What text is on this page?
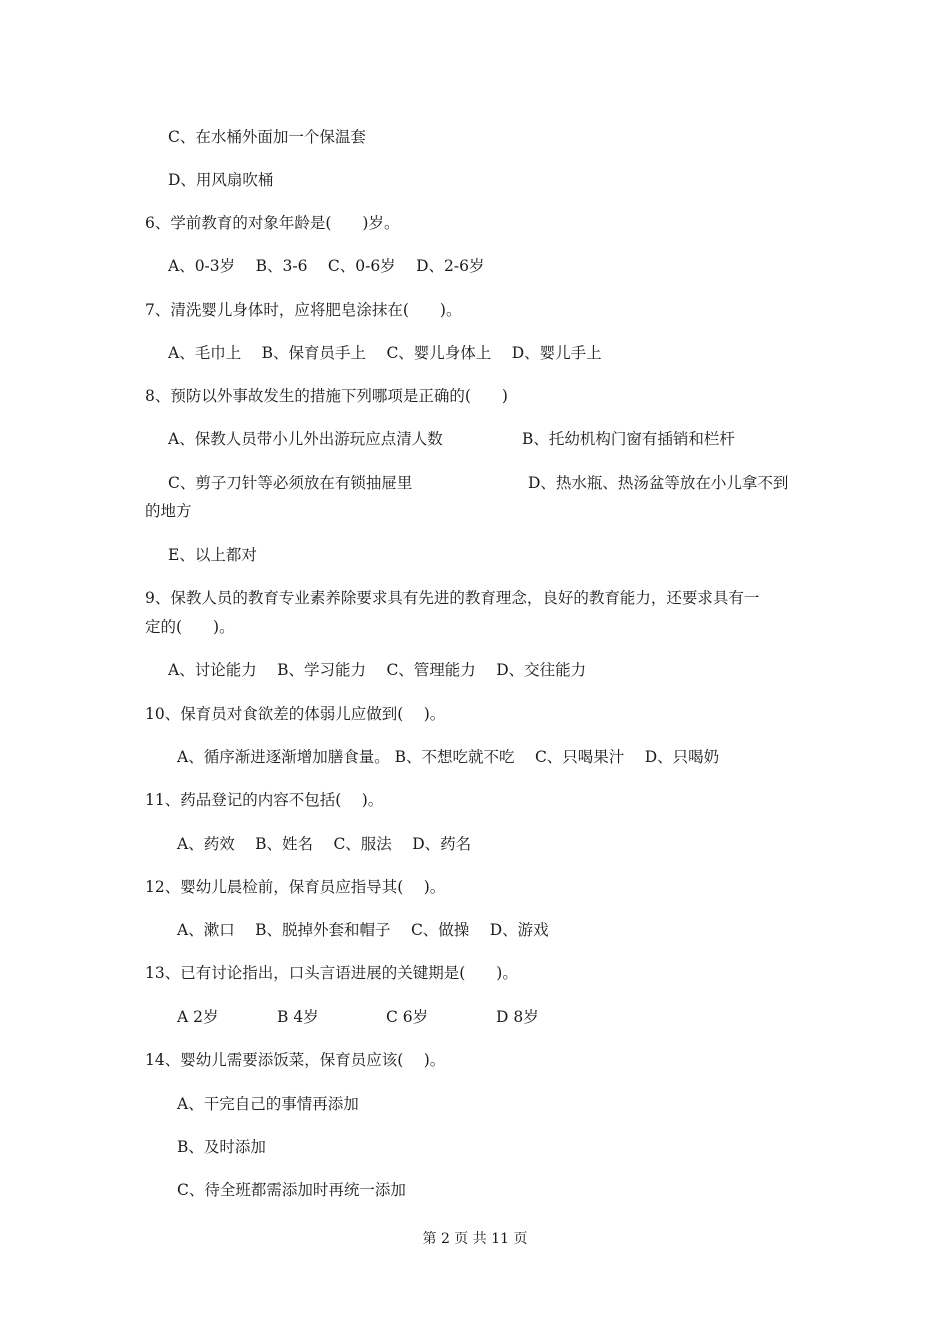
C、在水桶外面加一个保温套
D、用风扇吹桶
6、学前教育的对象年龄是(　　)岁。
A、0-3岁　 B、3-6　 C、0-6岁　 D、2-6岁
7、清洗婴儿身体时，应将肥皂涂抹在(　　)。
A、毛巾上　 B、保育员手上　 C、婴儿身体上　 D、婴儿手上
8、预防以外事故发生的措施下列哪项是正确的(　　)
A、保教人员带小儿外出游玩应点清人数	B、托幼机构门窗有插销和栏杆
C、剪子刀针等必须放在有锁抽屉里	D、热水瓶、热汤盆等放在小儿拿不到
的地方
E、以上都对
9、保教人员的教育专业素养除要求具有先进的教育理念，良好的教育能力，还要求具有一
定的(　　)。
A、讨论能力　 B、学习能力　 C、管理能力　 D、交往能力
10、保育员对食欲差的体弱儿应做到(　 )。
A、循序渐进逐渐增加膳食量。 B、不想吃就不吃　 C、只喝果汁　 D、只喝奶
11、药品登记的内容不包括(　 )。
A、药效　 B、姓名　 C、服法　 D、药名
12、婴幼儿晨检前，保育员应指导其(　 )。
A、漱口　 B、脱掉外套和帽子　 C、做操　 D、游戏
13、已有讨论指出，口头言语进展的关键期是(　　)。
A 2岁	B 4岁	C 6岁	D 8岁
14、婴幼儿需要添饭菜，保育员应该(　 )。
A、干完自己的事情再添加
B、及时添加
C、待全班都需添加时再统一添加
第 2 页 共 11 页
